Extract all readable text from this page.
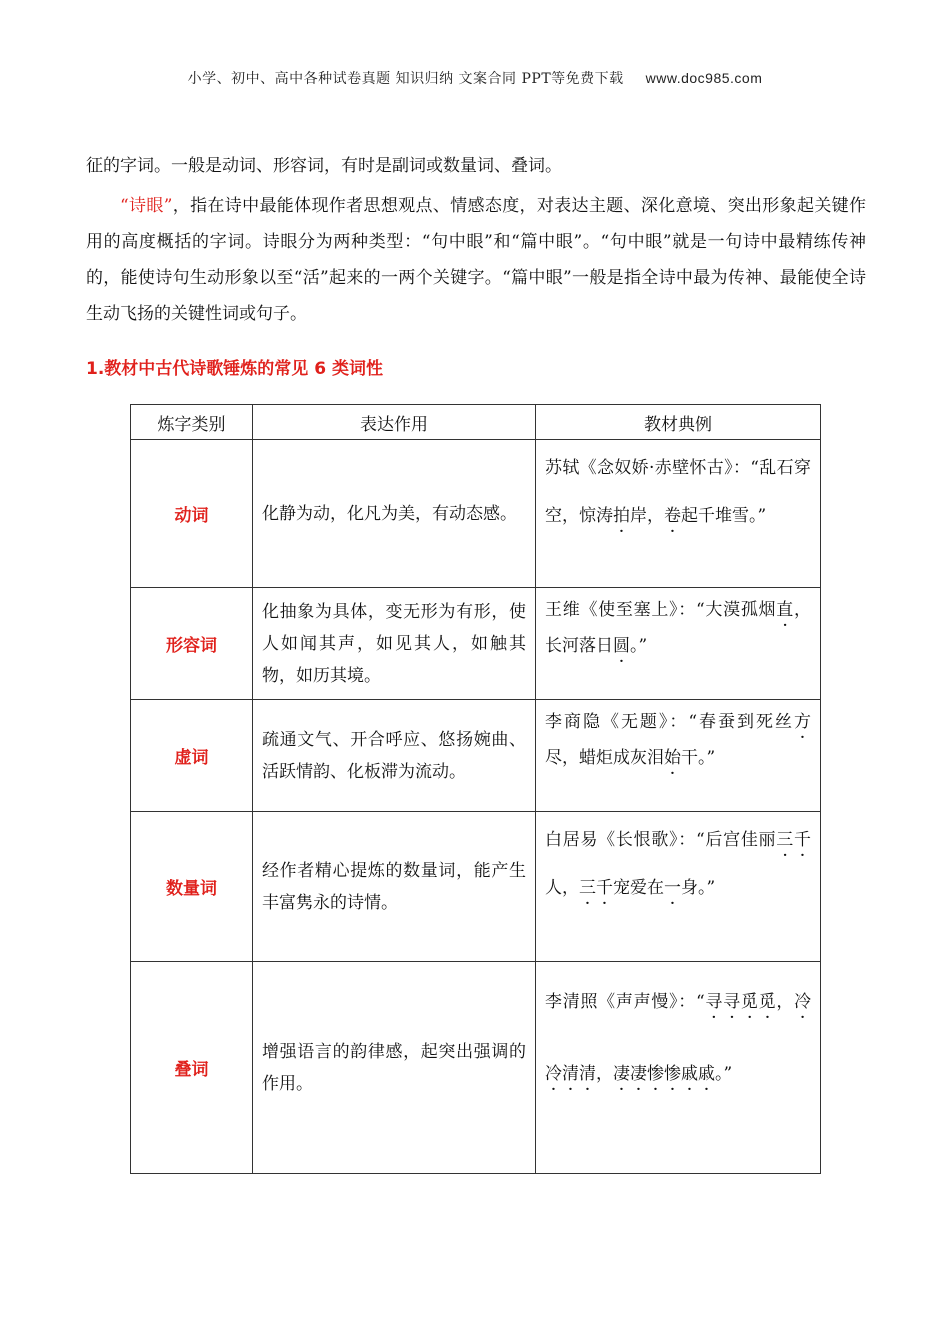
小学、初中、高中各种试卷真题 知识归纳 文案合同 PPT等免费下载 www.doc985.com
征的字词。一般是动词、形容词，有时是副词或数量词、叠词。
“诗眼”，指在诗中最能体现作者思想观点、情感态度，对表达主题、深化意境、突出形象起关键作用的高度概括的字词。诗眼分为两种类型：“句中眼”和“篇中眼”。“句中眼”就是一句诗中最精练传神的，能使诗句生动形象以至“活”起来的一两个关键字。“篇中眼”一般是指全诗中最为传神、最能使全诗生动飞扬的关键性词或句子。
1.教材中古代诗歌锤炼的常见 6 类词性
炼字类别	表达作用	教材典例
动词	化静为动，化凡为美，有动态感。	苏轼《念奴娇·赤壁怀古》：“乱石穿空，惊涛拍岸，卷起千堆雪。”
形容词	化抽象为具体，变无形为有形，使人如闻其声，如见其人，如触其物，如历其境。	王维《使至塞上》：“大漠孤烟直，长河落日圆。”
虚词	疏通文气、开合呼应、悠扬婉曲、活跃情韵、化板滞为流动。	李商隐《无题》：“春蚕到死丝方尽，蜡炬成灰泪始干。”
数量词	经作者精心提炼的数量词，能产生丰富隽永的诗情。	白居易《长恨歌》：“后宫佳丽三千人，三千宠爱在一身。”
叠词	增强语言的韵律感，起突出强调的作用。	李清照《声声慢》：“寻寻觅觅，冷冷清清，凄凄惨惨戚戚。”
